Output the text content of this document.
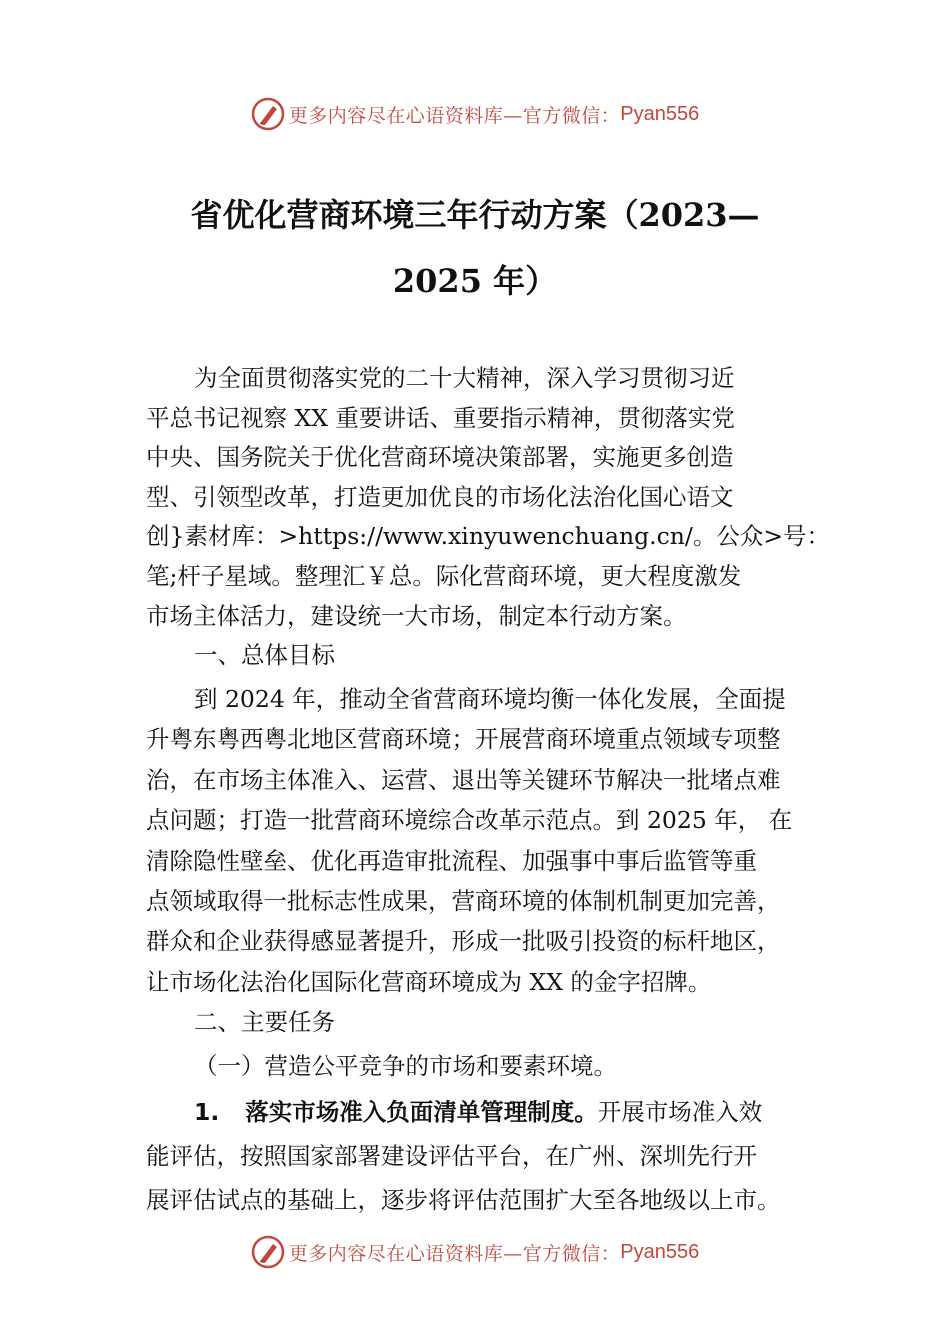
更多内容尽在心语资料库—官方微信： Pyan556
省优化营商环境三年行动方案（2023—
2025 年）
为全面贯彻落实党的二十大精神，深入学习贯彻习近
平总书记视察 XX 重要讲话、重要指示精神，贯彻落实党
中央、国务院关于优化营商环境决策部署，实施更多创造
型、引领型改革，打造更加优良的市场化法治化国心语文
创}素材库：>https://www.xinyuwenchuang.cn/。公众>号：
笔;杆子星域。整理汇￥总。际化营商环境，更大程度激发
市场主体活力，建设统一大市场，制定本行动方案。
一、总体目标
到 2024 年，推动全省营商环境均衡一体化发展，全面提
升粤东粤西粤北地区营商环境；开展营商环境重点领域专项整
治，在市场主体准入、运营、退出等关键环节解决一批堵点难
点问题；打造一批营商环境综合改革示范点。到 2025 年， 在
清除隐性壁垒、优化再造审批流程、加强事中事后监管等重
点领域取得一批标志性成果，营商环境的体制机制更加完善，
群众和企业获得感显著提升，形成一批吸引投资的标杆地区，
让市场化法治化国际化营商环境成为 XX 的金字招牌。
二、主要任务
（一）营造公平竞争的市场和要素环境。
1. 落实市场准入负面清单管理制度。开展市场准入效
能评估，按照国家部署建设评估平台，在广州、深圳先行开
展评估试点的基础上，逐步将评估范围扩大至各地级以上市。
更多内容尽在心语资料库—官方微信： Pyan556
